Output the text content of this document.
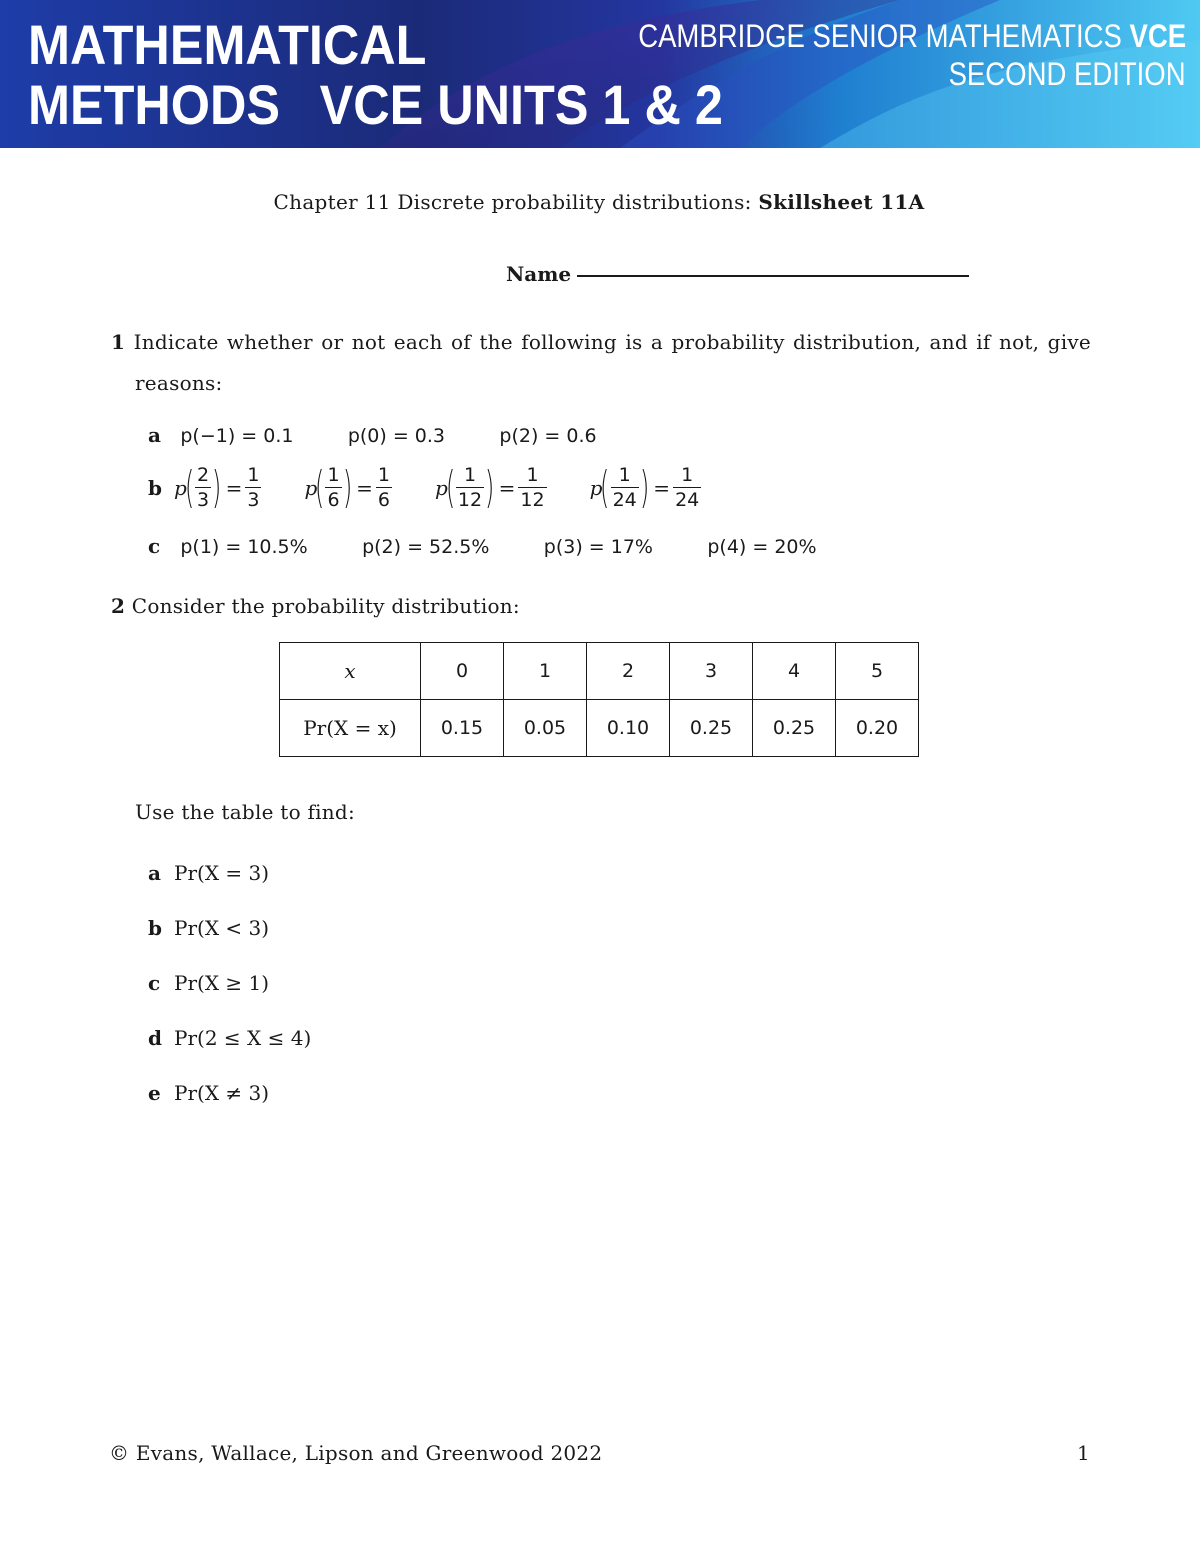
MATHEMATICAL
METHODS VCE UNITS 1 & 2
CAMBRIDGE SENIOR MATHEMATICS VCE
SECOND EDITION
Chapter 11 Discrete probability distributions: Skillsheet 11A
Name
1 Indicate whether or not each of the following is a probability distribution, and if not, give reasons:
a p(−1) = 0.1	p(0) = 0.3	p(2) = 0.6
b p
( $\frac{2}{3}$ )
= $\frac{1}{3}$ p
( $\frac{1}{6}$ )
= $\frac{1}{6}$ p
( $\frac{1}{12}$ )
= $\frac{1}{12}$ p
( $\frac{1}{24}$ )
= $\frac{1}{24}$
c p(1) = 10.5%	p(2) = 52.5%	p(3) = 17%	p(4) = 20%
2 Consider the probability distribution:
x	0	1	2	3	4	5
Pr(X = x)	0.15	0.05	0.10	0.25	0.25	0.20
Use the table to find:
a Pr(X = 3)
b Pr(X < 3)
c Pr(X ≥ 1)
d Pr(2 ≤ X ≤ 4)
e Pr(X ≠ 3)
© Evans, Wallace, Lipson and Greenwood 2022	1
